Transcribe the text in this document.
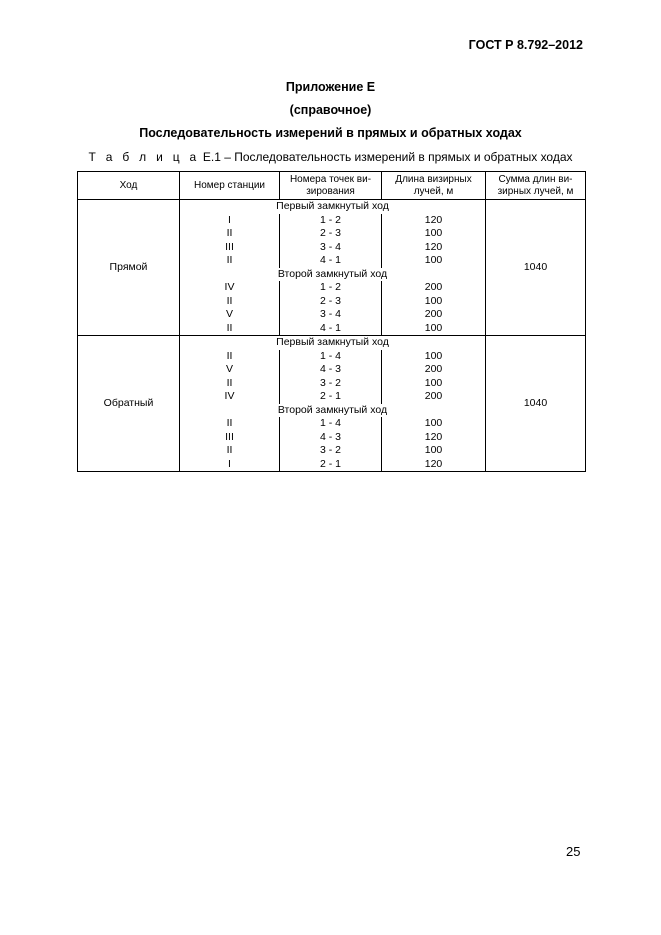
ГОСТ Р 8.792–2012
Приложение Е
(справочное)
Последовательность измерений в прямых и обратных ходах
Т а б л и ц а Е.1 – Последовательность измерений в прямых и обратных ходах
Ход	Номер станции	Номера точек ви-зирования	Длина визирных лучей, м	Сумма длин ви-зирных лучей, м
Прямой	Первый замкнутый ход			1040
	I	1 - 2	120	
	II	2 - 3	100	
	III	3 - 4	120	
	II	4 - 1	100	
	Второй замкнутый ход			
	IV	1 - 2	200	
	II	2 - 3	100	
	V	3 - 4	200	
	II	4 - 1	100	
Обратный	Первый замкнутый ход			1040
	II	1 - 4	100	
	V	4 - 3	200	
	II	3 - 2	100	
	IV	2 - 1	200	
	Второй замкнутый ход			
	II	1 - 4	100	
	III	4 - 3	120	
	II	3 - 2	100	
	I	2 - 1	120	
25
